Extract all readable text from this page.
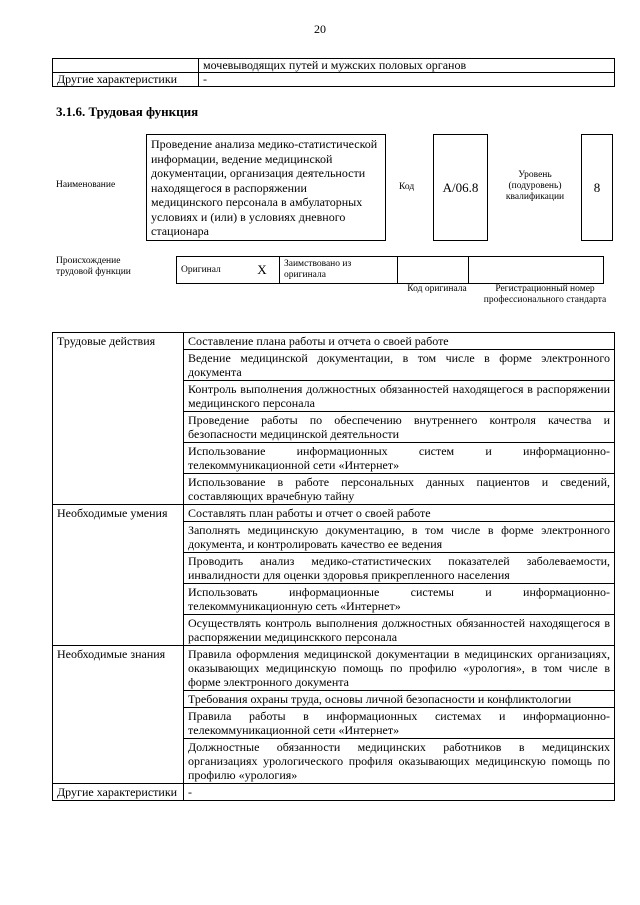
20
	мочевыводящих путей и мужских половых органов
Другие характеристики	-
3.1.6. Трудовая функция
Наименование
Проведение анализа медико-статистической информации, ведение медицинской документации, организация деятельности находящегося в распоряжении медицинского персонала в амбулаторных условиях и (или) в условиях дневного стационара
Код	A/06.8
Уровень (подуровень) квалификации
8
Происхождение трудовой функции	Оригинал	X	Заимствовано из оригинала		
Код оригинала	Регистрационный номер профессионального стандарта
Трудовые действия	Составление плана работы и отчета о своей работе
	Ведение медицинской документации, в том числе в форме электронного документа
	Контроль выполнения должностных обязанностей находящегося в распоряжении медицинского персонала
	Проведение работы по обеспечению внутреннего контроля качества и безопасности медицинской деятельности
	Использование информационных систем и информационно-телекоммуникационной сети «Интернет»
	Использование в работе персональных данных пациентов и сведений, составляющих врачебную тайну
Необходимые умения	Составлять план работы и отчет о своей работе
	Заполнять медицинскую документацию, в том числе в форме электронного документа, и контролировать качество ее ведения
	Проводить анализ медико-статистических показателей заболеваемости, инвалидности для оценки здоровья прикрепленного населения
	Использовать информационные системы и информационно-телекоммуникационную сеть «Интернет»
	Осуществлять контроль выполнения должностных обязанностей находящегося в распоряжении медицинсккого персонала
Необходимые знания	Правила оформления медицинской документации в медицинских организациях, оказывающих медицинскую помощь по профилю «урология», в том числе в форме электронного документа
	Требования охраны труда, основы личной безопасности и конфликтологии
	Правила работы в информационных системах и информационно-телекоммуникационной сети «Интернет»
	Должностные обязанности медицинских работников в медицинских организациях урологического профиля оказывающих медицинскую помощь по профилю «урология»
Другие характеристики	-
